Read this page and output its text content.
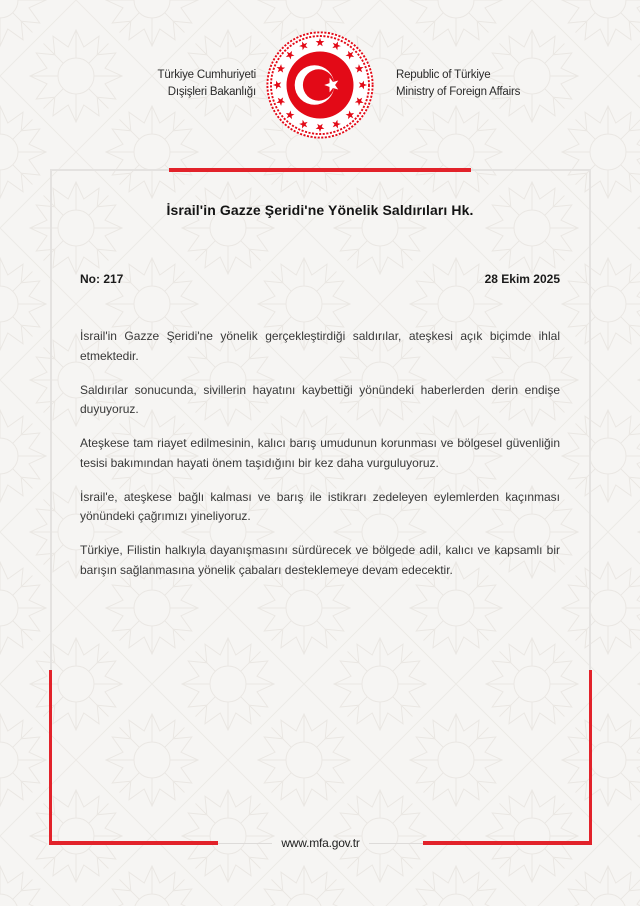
Türkiye Cumhuriyeti
Dışişleri Bakanlığı
Republic of Türkiye
Ministry of Foreign Affairs
www.mfa.gov.tr
İsrail'in Gazze Şeridi'ne Yönelik Saldırıları Hk.
No: 217	28 Ekim 2025

İsrail'in Gazze Şeridi'ne yönelik gerçekleştirdiği saldırılar, ateşkesi açık biçimde ihlal etmektedir.

Saldırılar sonucunda, sivillerin hayatını kaybettiği yönündeki haberlerden derin endişe duyuyoruz.

Ateşkese tam riayet edilmesinin, kalıcı barış umudunun korunması ve bölgesel güvenliğin tesisi bakımından hayati önem taşıdığını bir kez daha vurguluyoruz.

İsrail'e, ateşkese bağlı kalması ve barış ile istikrarı zedeleyen eylemlerden kaçınması yönündeki çağrımızı yineliyoruz.

Türkiye, Filistin halkıyla dayanışmasını sürdürecek ve bölgede adil, kalıcı ve kapsamlı bir barışın sağlanmasına yönelik çabaları desteklemeye devam edecektir.
